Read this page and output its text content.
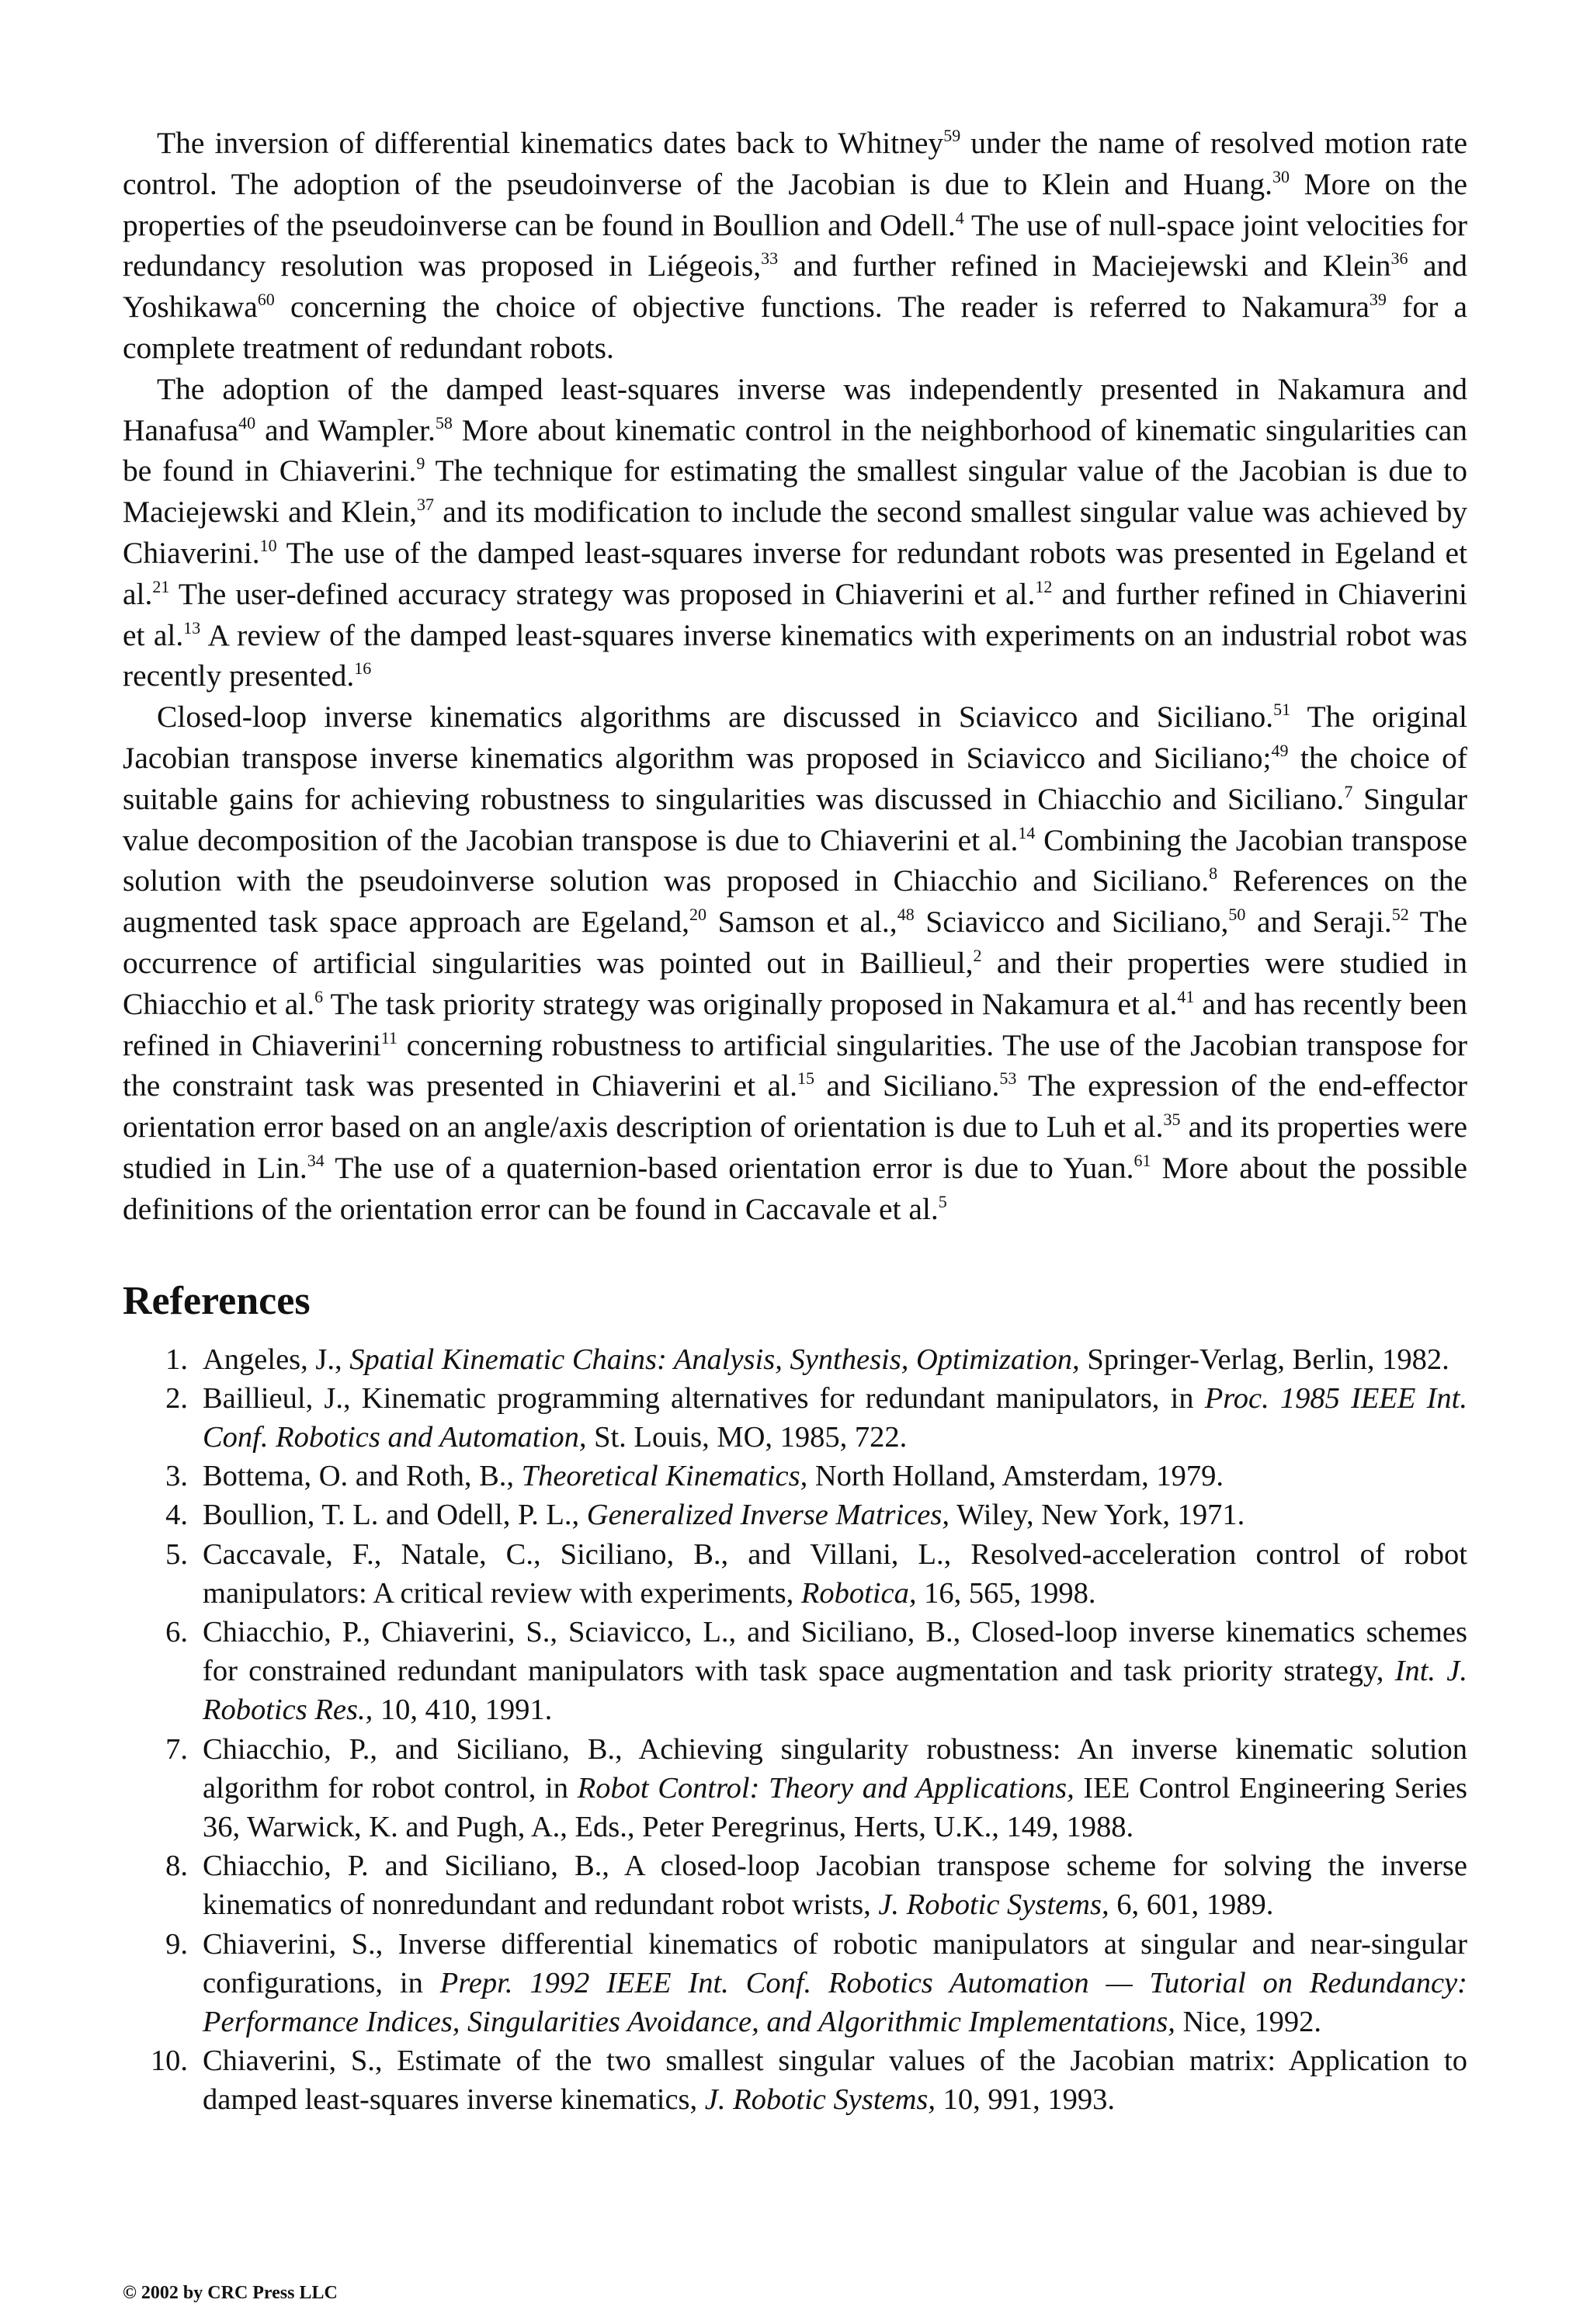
The inversion of differential kinematics dates back to Whitney$^{59}$ under the name of resolved motion rate control. The adoption of the pseudoinverse of the Jacobian is due to Klein and Huang.$^{30}$ More on the properties of the pseudoinverse can be found in Boullion and Odell.$^4$ The use of null-space joint velocities for redundancy resolution was proposed in Liégeois,$^{33}$ and further refined in Maciejewski and Klein$^{36}$ and Yoshikawa$^{60}$ concerning the choice of objective functions. The reader is referred to Nakamura$^{39}$ for a complete treatment of redundant robots.

The adoption of the damped least-squares inverse was independently presented in Nakamura and Hanafusa$^{40}$ and Wampler.$^{58}$ More about kinematic control in the neighborhood of kinematic singularities can be found in Chiaverini.$^9$ The technique for estimating the smallest singular value of the Jacobian is due to Maciejewski and Klein,$^{37}$ and its modification to include the second smallest singular value was achieved by Chiaverini.$^{10}$ The use of the damped least-squares inverse for redundant robots was presented in Egeland et al.$^{21}$ The user-defined accuracy strategy was proposed in Chiaverini et al.$^{12}$ and further refined in Chiaverini et al.$^{13}$ A review of the damped least-squares inverse kinematics with experiments on an industrial robot was recently presented.$^{16}$

Closed-loop inverse kinematics algorithms are discussed in Sciavicco and Siciliano.$^{51}$ The original Jacobian transpose inverse kinematics algorithm was proposed in Sciavicco and Siciliano;$^{49}$ the choice of suitable gains for achieving robustness to singularities was discussed in Chiacchio and Siciliano.$^7$ Singular value decomposition of the Jacobian transpose is due to Chiaverini et al.$^{14}$ Combining the Jacobian transpose solution with the pseudoinverse solution was proposed in Chiacchio and Siciliano.$^8$ References on the augmented task space approach are Egeland,$^{20}$ Samson et al.,$^{48}$ Sciavicco and Siciliano,$^{50}$ and Seraji.$^{52}$ The occurrence of artificial singularities was pointed out in Baillieul,$^2$ and their properties were studied in Chiacchio et al.$^6$ The task priority strategy was originally proposed in Nakamura et al.$^{41}$ and has recently been refined in Chiaverini$^{11}$ concerning robustness to artificial singularities. The use of the Jacobian transpose for the constraint task was presented in Chiaverini et al.$^{15}$ and Siciliano.$^{53}$ The expression of the end-effector orientation error based on an angle/axis description of orientation is due to Luh et al.$^{35}$ and its properties were studied in Lin.$^{34}$ The use of a quaternion-based orientation error is due to Yuan.$^{61}$ More about the possible definitions of the orientation error can be found in Caccavale et al.$^5$

References
1. Angeles, J., Spatial Kinematic Chains: Analysis, Synthesis, Optimization, Springer-Verlag, Berlin, 1982.
2. Baillieul, J., Kinematic programming alternatives for redundant manipulators, in Proc. 1985 IEEE Int. Conf. Robotics and Automation, St. Louis, MO, 1985, 722.
3. Bottema, O. and Roth, B., Theoretical Kinematics, North Holland, Amsterdam, 1979.
4. Boullion, T. L. and Odell, P. L., Generalized Inverse Matrices, Wiley, New York, 1971.
5. Caccavale, F., Natale, C., Siciliano, B., and Villani, L., Resolved-acceleration control of robot manipulators: A critical review with experiments, Robotica, 16, 565, 1998.
6. Chiacchio, P., Chiaverini, S., Sciavicco, L., and Siciliano, B., Closed-loop inverse kinematics schemes for constrained redundant manipulators with task space augmentation and task priority strategy, Int. J. Robotics Res., 10, 410, 1991.
7. Chiacchio, P., and Siciliano, B., Achieving singularity robustness: An inverse kinematic solution algorithm for robot control, in Robot Control: Theory and Applications, IEE Control Engineering Series 36, Warwick, K. and Pugh, A., Eds., Peter Peregrinus, Herts, U.K., 149, 1988.
8. Chiacchio, P. and Siciliano, B., A closed-loop Jacobian transpose scheme for solving the inverse kinematics of nonredundant and redundant robot wrists, J. Robotic Systems, 6, 601, 1989.
9. Chiaverini, S., Inverse differential kinematics of robotic manipulators at singular and near-singular configurations, in Prepr. 1992 IEEE Int. Conf. Robotics Automation — Tutorial on Redundancy: Performance Indices, Singularities Avoidance, and Algorithmic Implementations, Nice, 1992.
10. Chiaverini, S., Estimate of the two smallest singular values of the Jacobian matrix: Application to damped least-squares inverse kinematics, J. Robotic Systems, 10, 991, 1993.
© 2002 by CRC Press LLC
